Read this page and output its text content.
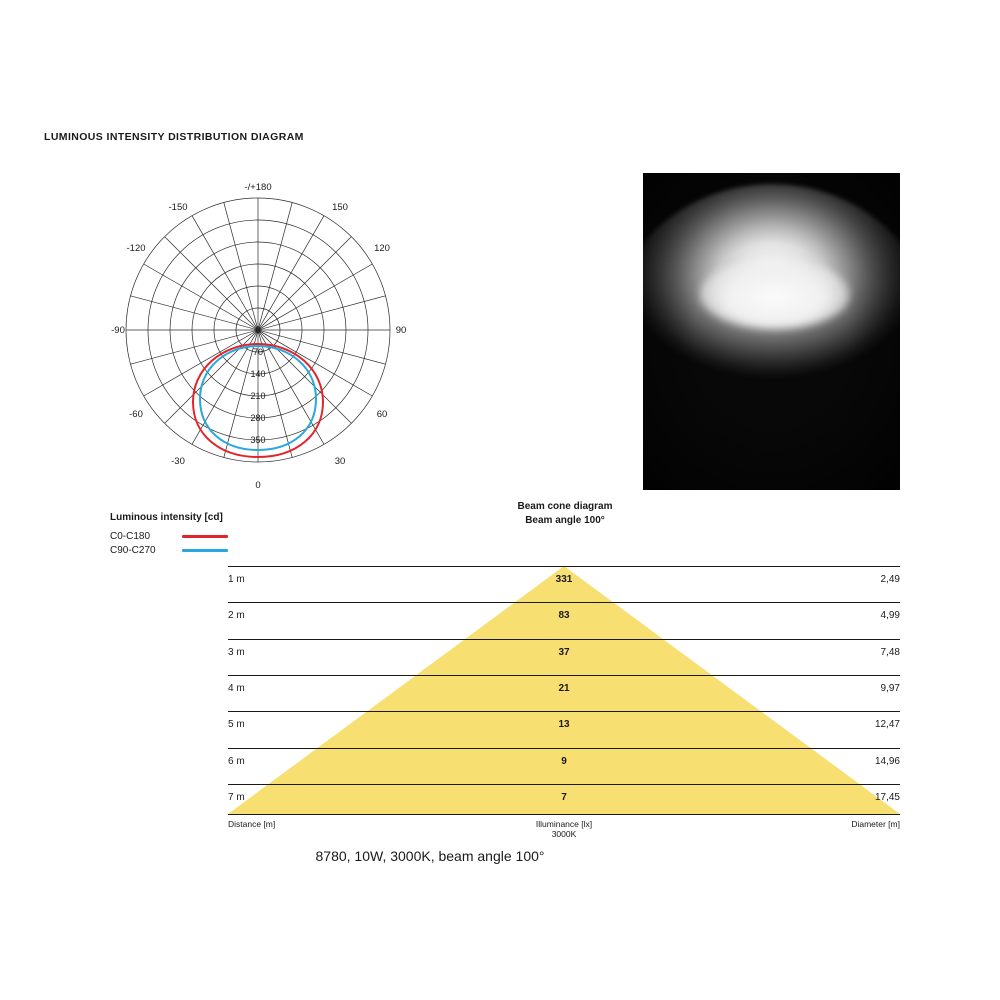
LUMINOUS INTENSITY DISTRIBUTION DIAGRAM
0
70
140
210
280
350
-/+180
-150	150
-120	120
-90	90
-60	60
-30	30
0
Luminous intensity [cd]
C0-C180
C90-C270
Beam cone diagram
Beam angle 100°
1 m	331	2,49
2 m	83	4,99
3 m	37	7,48
4 m	21	9,97
5 m	13	12,47
6 m	9	14,96
7 m	7	17,45
Distance [m]	Illuminance [lx]
3000K
Diameter [m]
8780, 10W, 3000K, beam angle 100°
